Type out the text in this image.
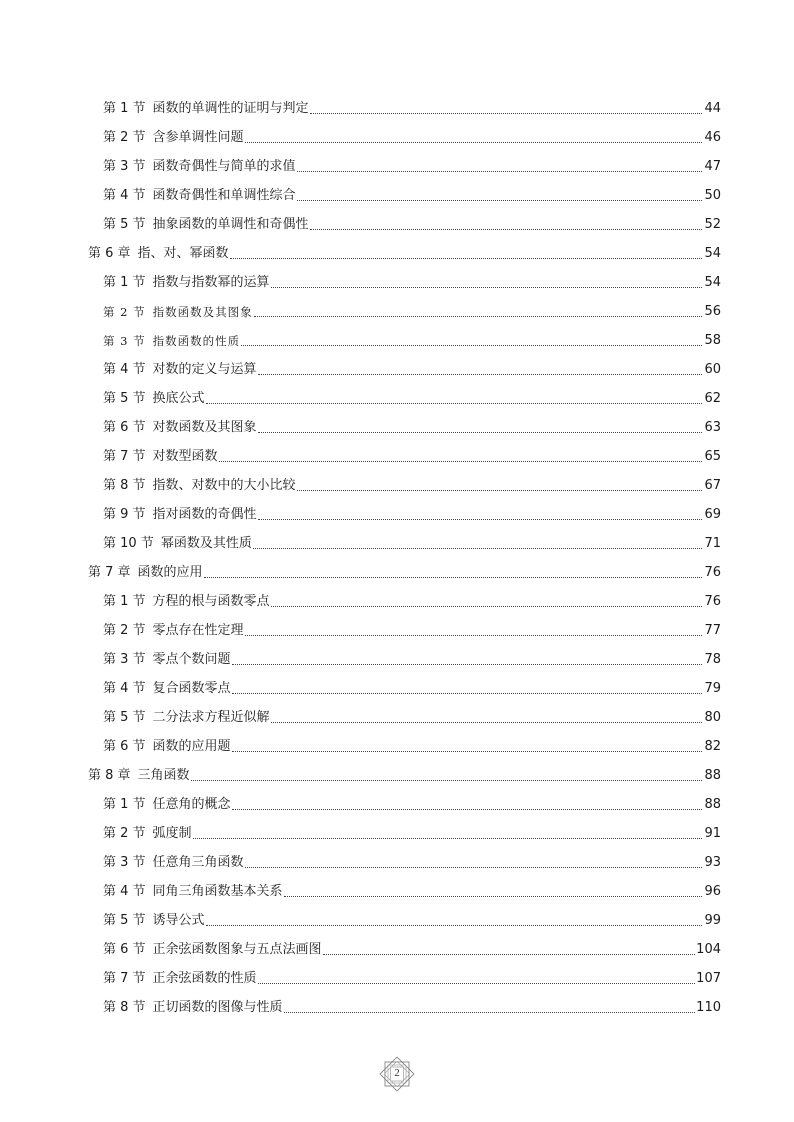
第 1 节 函数的单调性的证明与判定	44
第 2 节 含参单调性问题	46
第 3 节 函数奇偶性与简单的求值	47
第 4 节 函数奇偶性和单调性综合	50
第 5 节 抽象函数的单调性和奇偶性	52
第 6 章 指、对、幂函数	54
第 1 节 指数与指数幂的运算	54
第 2 节 指数函数及其图象	56
第 3 节 指数函数的性质	58
第 4 节 对数的定义与运算	60
第 5 节 换底公式	62
第 6 节 对数函数及其图象	63
第 7 节 对数型函数	65
第 8 节 指数、对数中的大小比较	67
第 9 节 指对函数的奇偶性	69
第 10 节 幂函数及其性质	71
第 7 章 函数的应用	76
第 1 节 方程的根与函数零点	76
第 2 节 零点存在性定理	77
第 3 节 零点个数问题	78
第 4 节 复合函数零点	79
第 5 节 二分法求方程近似解	80
第 6 节 函数的应用题	82
第 8 章 三角函数	88
第 1 节 任意角的概念	88
第 2 节 弧度制	91
第 3 节 任意角三角函数	93
第 4 节 同角三角函数基本关系	96
第 5 节 诱导公式	99
第 6 节 正余弦函数图象与五点法画图	104
第 7 节 正余弦函数的性质	107
第 8 节 正切函数的图像与性质	110
2
